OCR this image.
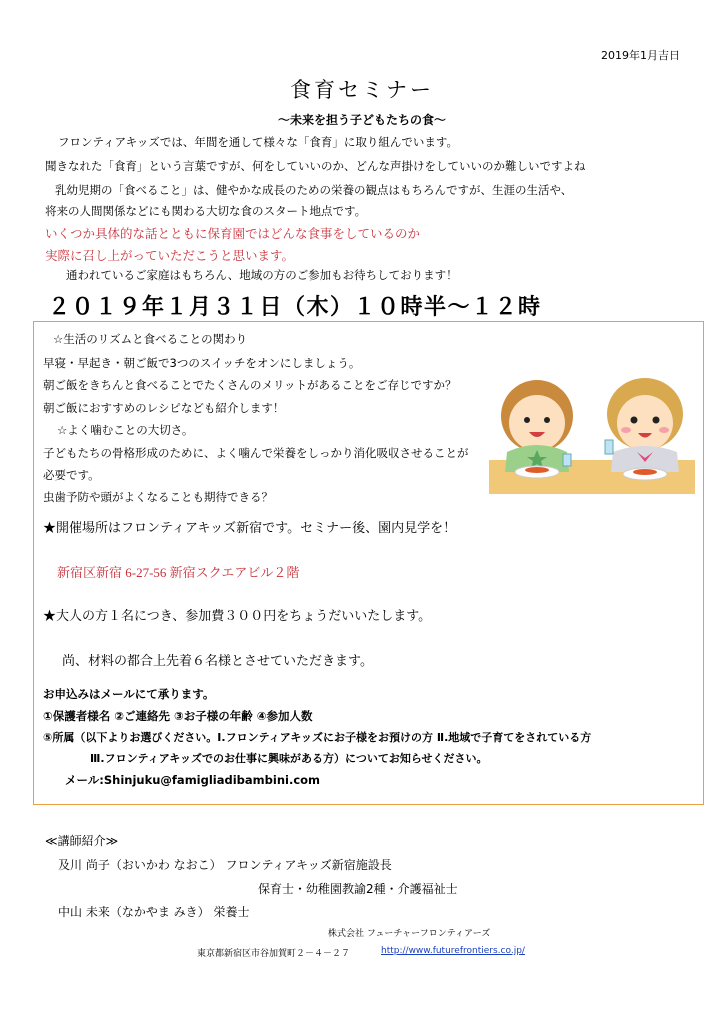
2019年1月吉日
食育セミナー
～未来を担う子どもたちの食～
フロンティアキッズでは、年間を通して様々な「食育」に取り組んでいます。
聞きなれた「食育」という言葉ですが、何をしていいのか、どんな声掛けをしていいのか難しいですよね
乳幼児期の「食べること」は、健やかな成長のための栄養の観点はもちろんですが、生涯の生活や、
将来の人間関係などにも関わる大切な食のスタート地点です。
いくつか具体的な話とともに保育園ではどんな食事をしているのか
実際に召し上がっていただこうと思います。
通われているご家庭はもちろん、地域の方のご参加もお待ちしております！
２０１９年１月３１日（木）１０時半～１２時
☆生活のリズムと食べることの関わり
早寝・早起き・朝ご飯で3つのスイッチをオンにしましょう。
朝ご飯をきちんと食べることでたくさんのメリットがあることをご存じですか？
朝ご飯におすすめのレシピなども紹介します！
☆よく噛むことの大切さ。
子どもたちの骨格形成のために、よく噛んで栄養をしっかり消化吸収させることが
必要です。
虫歯予防や頭がよくなることも期待できる？
★開催場所はフロンティアキッズ新宿です。セミナー後、園内見学を！
新宿区新宿 6-27-56 新宿スクエアビル２階
★大人の方１名につき、参加費３００円をちょうだいいたします。
尚、材料の都合上先着６名様とさせていただきます。
お申込みはメールにて承ります。
①保護者様名 ②ご連絡先 ③お子様の年齢 ④参加人数
⑤所属（以下よりお選びください。Ⅰ.フロンティアキッズにお子様をお預けの方 Ⅱ.地域で子育てをされている方
Ⅲ.フロンティアキッズでのお仕事に興味がある方）についてお知らせください。
メール:Shinjuku@famigliadibambini.com
≪講師紹介≫
及川 尚子（おいかわ なおこ） フロンティアキッズ新宿施設長
保育士・幼稚園教諭2種・介護福祉士
中山 未来（なかやま みき） 栄養士
株式会社 フューチャーフロンティアーズ
東京都新宿区市谷加賀町２－４－２７	http://www.futurefrontiers.co.jp/
